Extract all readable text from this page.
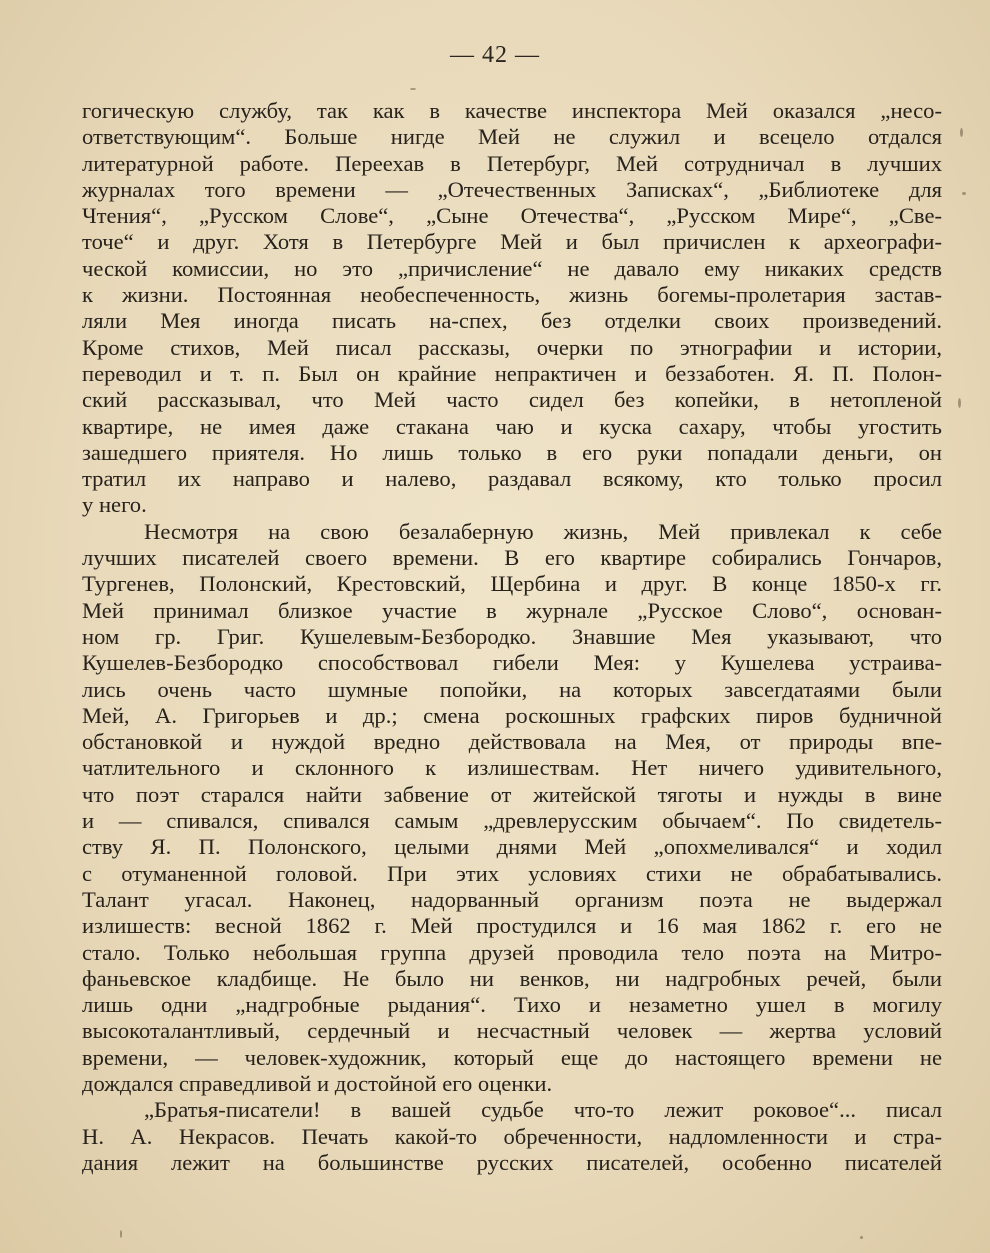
— 42 —

гогическую службу, так как в качестве инспектора Мей оказался „несо-

ответствующим“. Больше нигде Мей не служил и всецело отдался

литературной работе. Переехав в Петербург, Мей сотрудничал в лучших

журналах того времени — „Отечественных Записках“, „Библиотеке для

Чтения“, „Русском Слове“, „Сыне Отечества“, „Русском Мире“, „Све-

точе“ и друг. Хотя в Петербурге Мей и был причислен к археографи-

ческой комиссии, но это „причисление“ не давало ему никаких средств

к жизни. Постоянная необеспеченность, жизнь богемы-пролетария застав-

ляли Мея иногда писать на-спех, без отделки своих произведений.

Кроме стихов, Мей писал рассказы, очерки по этнографии и истории,

переводил и т. п. Был он крайние непрактичен и беззаботен. Я. П. Полон-

ский рассказывал, что Мей часто сидел без копейки, в нетопленой

квартире, не имея даже стакана чаю и куска сахару, чтобы угостить

зашедшего приятеля. Но лишь только в его руки попадали деньги, он

тратил их направо и налево, раздавал всякому, кто только просил

у него.

Несмотря на свою безалаберную жизнь, Мей привлекал к себе

лучших писателей своего времени. В его квартире собирались Гончаров,

Тургенев, Полонский, Крестовский, Щербина и друг. В конце 1850-х гг.

Мей принимал близкое участие в журнале „Русское Слово“, основан-

ном гр. Григ. Кушелевым-Безбородко. Знавшие Мея указывают, что

Кушелев-Безбородко способствовал гибели Мея: у Кушелева устраива-

лись очень часто шумные попойки, на которых завсегдатаями были

Мей, А. Григорьев и др.; смена роскошных графских пиров будничной

обстановкой и нуждой вредно действовала на Мея, от природы впе-

чатлительного и склонного к излишествам. Нет ничего удивительного,

что поэт старался найти забвение от житейской тяготы и нужды в вине

и — спивался, спивался самым „древлерусским обычаем“. По свидетель-

ству Я. П. Полонского, целыми днями Мей „опохмеливался“ и ходил

с отуманенной головой. При этих условиях стихи не обрабатывались.

Талант угасал. Наконец, надорванный организм поэта не выдержал

излишеств: весной 1862 г. Мей простудился и 16 мая 1862 г. его не

стало. Только небольшая группа друзей проводила тело поэта на Митро-

фаньевское кладбище. Не было ни венков, ни надгробных речей, были

лишь одни „надгробные рыдания“. Тихо и незаметно ушел в могилу

высокоталантливый, сердечный и несчастный человек — жертва условий

времени, — человек-художник, который еще до настоящего времени не

дождался справедливой и достойной его оценки.

„Братья-писатели! в вашей судьбе что-то лежит роковое“... писал

Н. А. Некрасов. Печать какой-то обреченности, надломленности и стра-

дания лежит на большинстве русских писателей, особенно писателей
